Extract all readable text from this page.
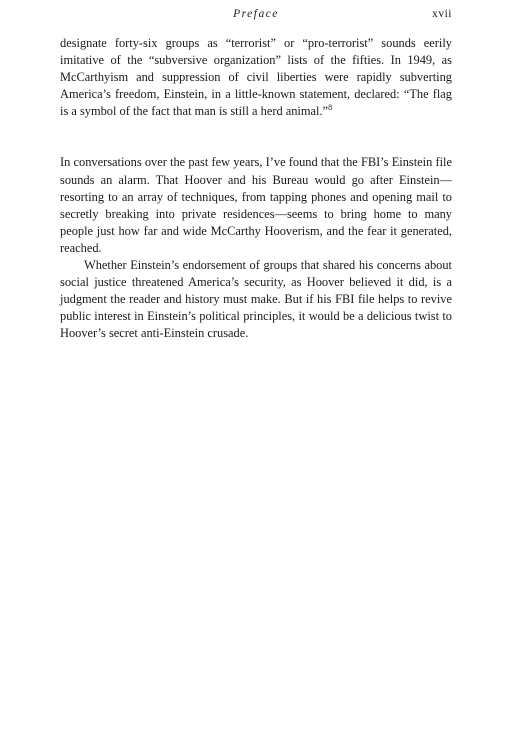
Preface	xvii

designate forty-six groups as “terrorist” or “pro-terrorist” sounds eerily imitative of the “subversive organization” lists of the fifties. In 1949, as McCarthyism and suppression of civil liberties were rapidly subverting America’s freedom, Einstein, in a little-known statement, declared: “The flag is a symbol of the fact that man is still a herd animal.”$^8$

In conversations over the past few years, I’ve found that the FBI’s Einstein file sounds an alarm. That Hoover and his Bureau would go after Einstein—resorting to an array of techniques, from tapping phones and opening mail to secretly breaking into private residences—seems to bring home to many people just how far and wide McCarthy Hooverism, and the fear it generated, reached.

Whether Einstein’s endorsement of groups that shared his concerns about social justice threatened America’s security, as Hoover believed it did, is a judgment the reader and history must make. But if his FBI file helps to revive public interest in Einstein’s political principles, it would be a delicious twist to Hoover’s secret anti-Einstein crusade.
